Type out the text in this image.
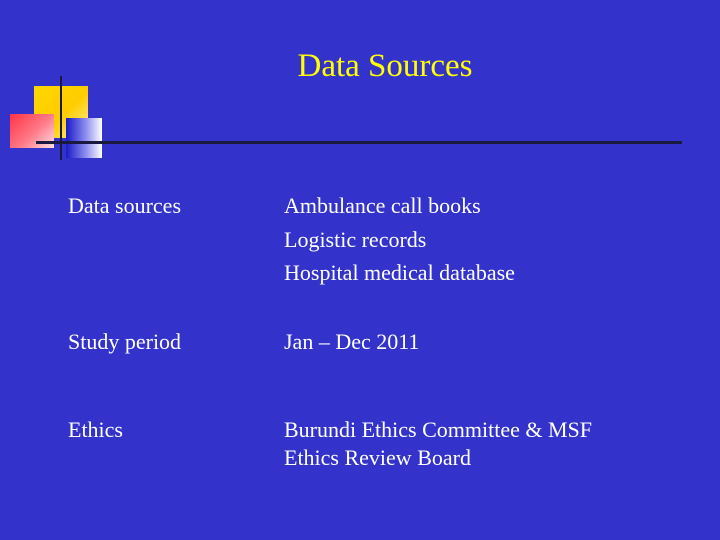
Data Sources
Data sources	Ambulance call books
Logistic records
Hospital medical database
Study period	Jan – Dec 2011
Ethics	Burundi Ethics Committee & MSF
Ethics Review Board
